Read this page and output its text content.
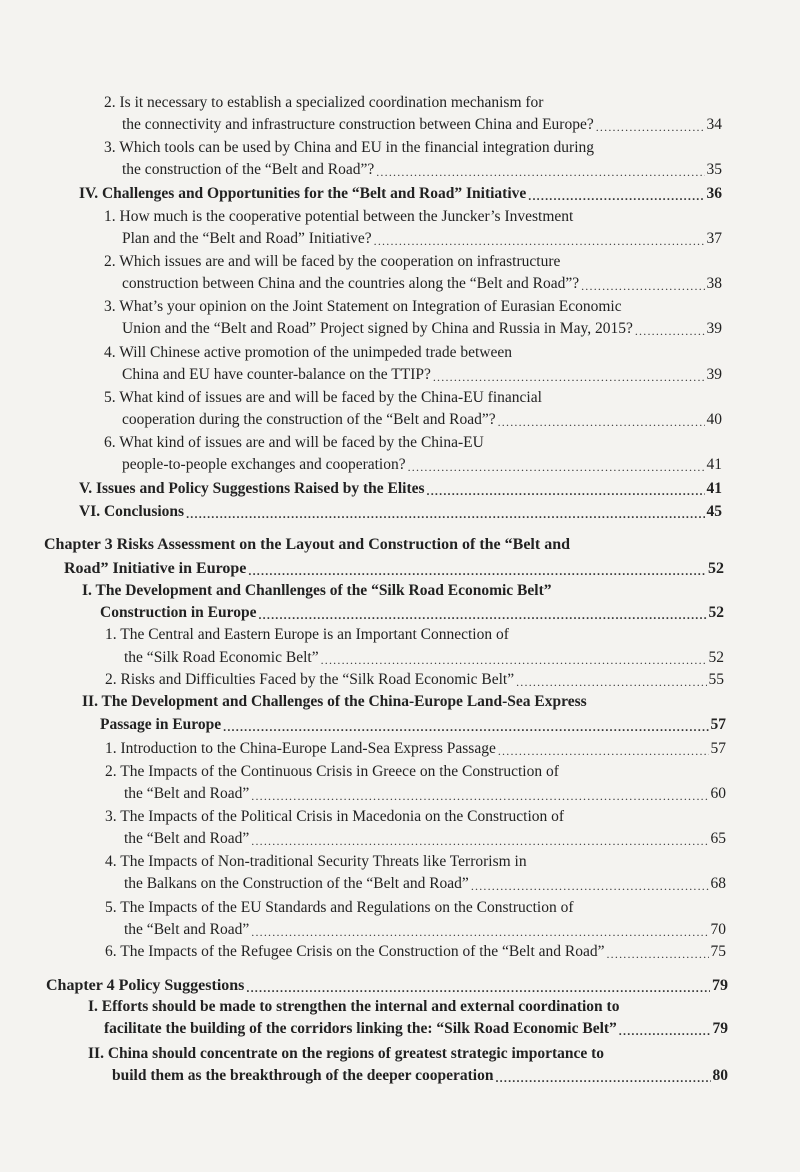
2. Is it necessary to establish a specialized coordination mechanism for
the connectivity and infrastructure construction between China and Europe? .....	34
3. Which tools can be used by China and EU in the financial integration during
the construction of the “Belt and Road”? .....	35
IV. Challenges and Opportunities for the “Belt and Road” Initiative .....	36
1. How much is the cooperative potential between the Juncker’s Investment
Plan and the “Belt and Road” Initiative? .....	37
2. Which issues are and will be faced by the cooperation on infrastructure
construction between China and the countries along the “Belt and Road”? .....	38
3. What’s your opinion on the Joint Statement on Integration of Eurasian Economic
Union and the “Belt and Road” Project signed by China and Russia in May, 2015? .....	39
4. Will Chinese active promotion of the unimpeded trade between
China and EU have counter-balance on the TTIP? .....	39
5. What kind of issues are and will be faced by the China-EU financial
cooperation during the construction of the “Belt and Road”? .....	40
6. What kind of issues are and will be faced by the China-EU
people-to-people exchanges and cooperation? .....	41
V. Issues and Policy Suggestions Raised by the Elites .....	41
VI. Conclusions .....	45
Chapter 3 Risks Assessment on the Layout and Construction of the “Belt and
Road” Initiative in Europe .....	52
I. The Development and Chanllenges of the “Silk Road Economic Belt”
Construction in Europe .....	52
1. The Central and Eastern Europe is an Important Connection of
the “Silk Road Economic Belt” .....	52
2. Risks and Difficulties Faced by the “Silk Road Economic Belt” .....	55
II. The Development and Challenges of the China-Europe Land-Sea Express
Passage in Europe .....	57
1. Introduction to the China-Europe Land-Sea Express Passage .....	57
2. The Impacts of the Continuous Crisis in Greece on the Construction of
the “Belt and Road” .....	60
3. The Impacts of the Political Crisis in Macedonia on the Construction of
the “Belt and Road” .....	65
4. The Impacts of Non-traditional Security Threats like Terrorism in
the Balkans on the Construction of the “Belt and Road” .....	68
5. The Impacts of the EU Standards and Regulations on the Construction of
the “Belt and Road” .....	70
6. The Impacts of the Refugee Crisis on the Construction of the “Belt and Road” .....	75
Chapter 4 Policy Suggestions .....	79
I. Efforts should be made to strengthen the internal and external coordination to
facilitate the building of the corridors linking the: “Silk Road Economic Belt” .....	79
II. China should concentrate on the regions of greatest strategic importance to
build them as the breakthrough of the deeper cooperation .....	80
